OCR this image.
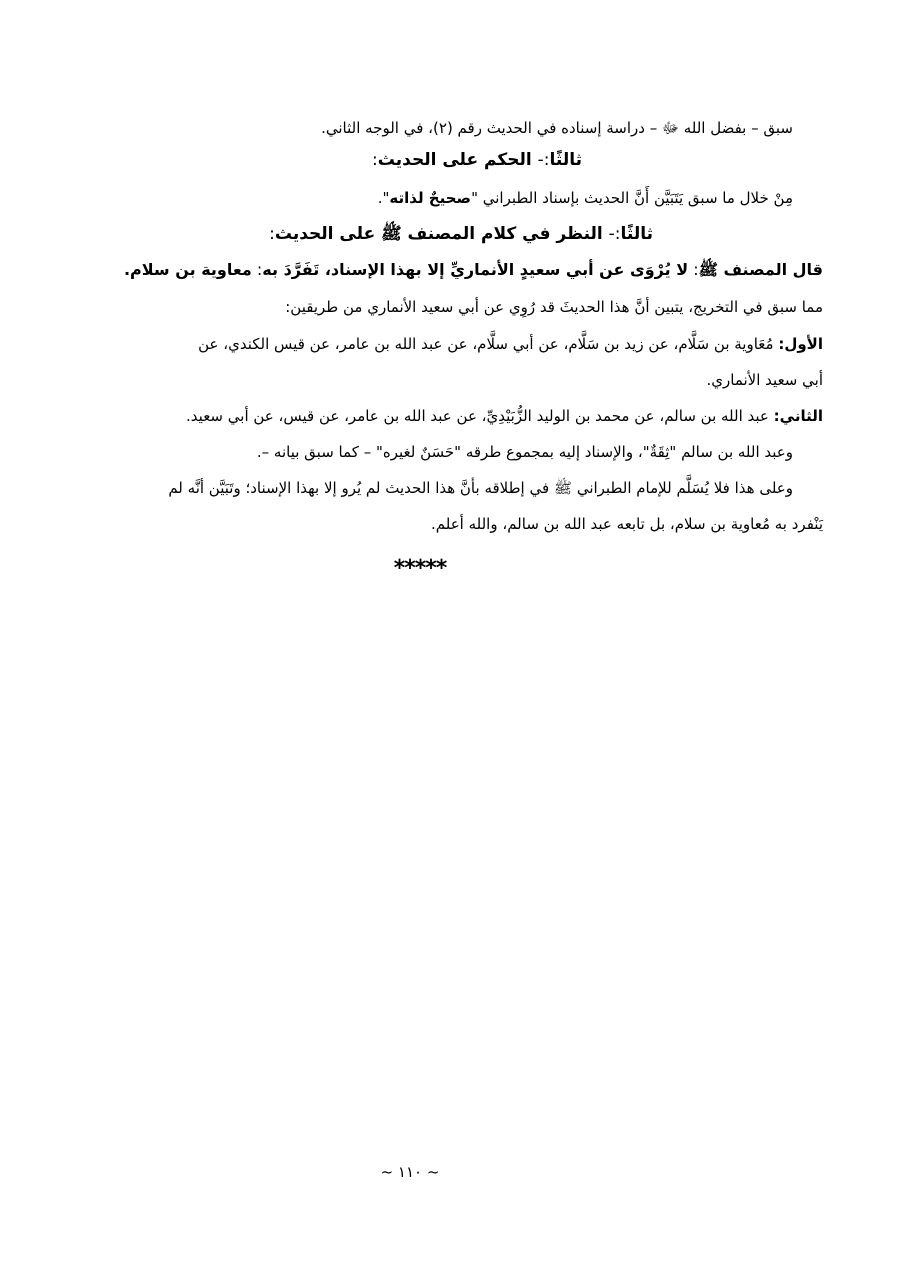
سبق – بفضل الله ﷻ – دراسة إسناده في الحديث رقم (٢)، في الوجه الثاني.
ثالثًا:- الحكم على الحديث:
مِنْ خلال ما سبق يَتَبَيَّن أَنَّ الحديث بإسناد الطبراني "صحيحٌ لذاته".
ثالثًا:- النظر في كلام المصنف ﷺ على الحديث:
قال المصنف ﷺ: لا يُرْوَى عن أبي سعيدٍ الأنماريِّ إلا بهذا الإسناد، تَفَرَّدَ به: معاوية بن سلام.
مما سبق في التخريج، يتبين أنَّ هذا الحديثَ قد رُوِي عن أبي سعيد الأنماري من طريقين:
الأول: مُعَاوية بن سَلَّام، عن زيد بن سَلَّام، عن أبي سلَّام، عن عبد الله بن عامر، عن قيس الكندي، عن
أبي سعيد الأنماري.
الثاني: عبد الله بن سالم، عن محمد بن الوليد الزُّبَيْدِيِّ، عن عبد الله بن عامر، عن قيس، عن أبي سعيد.
وعبد الله بن سالم "ثِقَةٌ"، والإسناد إليه بمجموع طرقه "حَسَنٌ لغيره" – كما سبق بيانه –.
وعلى هذا فلا يُسَلَّم للإمام الطبراني ﷺ في إطلاقه بأنَّ هذا الحديث لم يُرو إلا بهذا الإسناد؛ وتَبَيَّن أنَّه لم
يَنْفرد به مُعاوية بن سلام، بل تابعه عبد الله بن سالم، والله أعلم.
*****
~ ١١٠ ~
